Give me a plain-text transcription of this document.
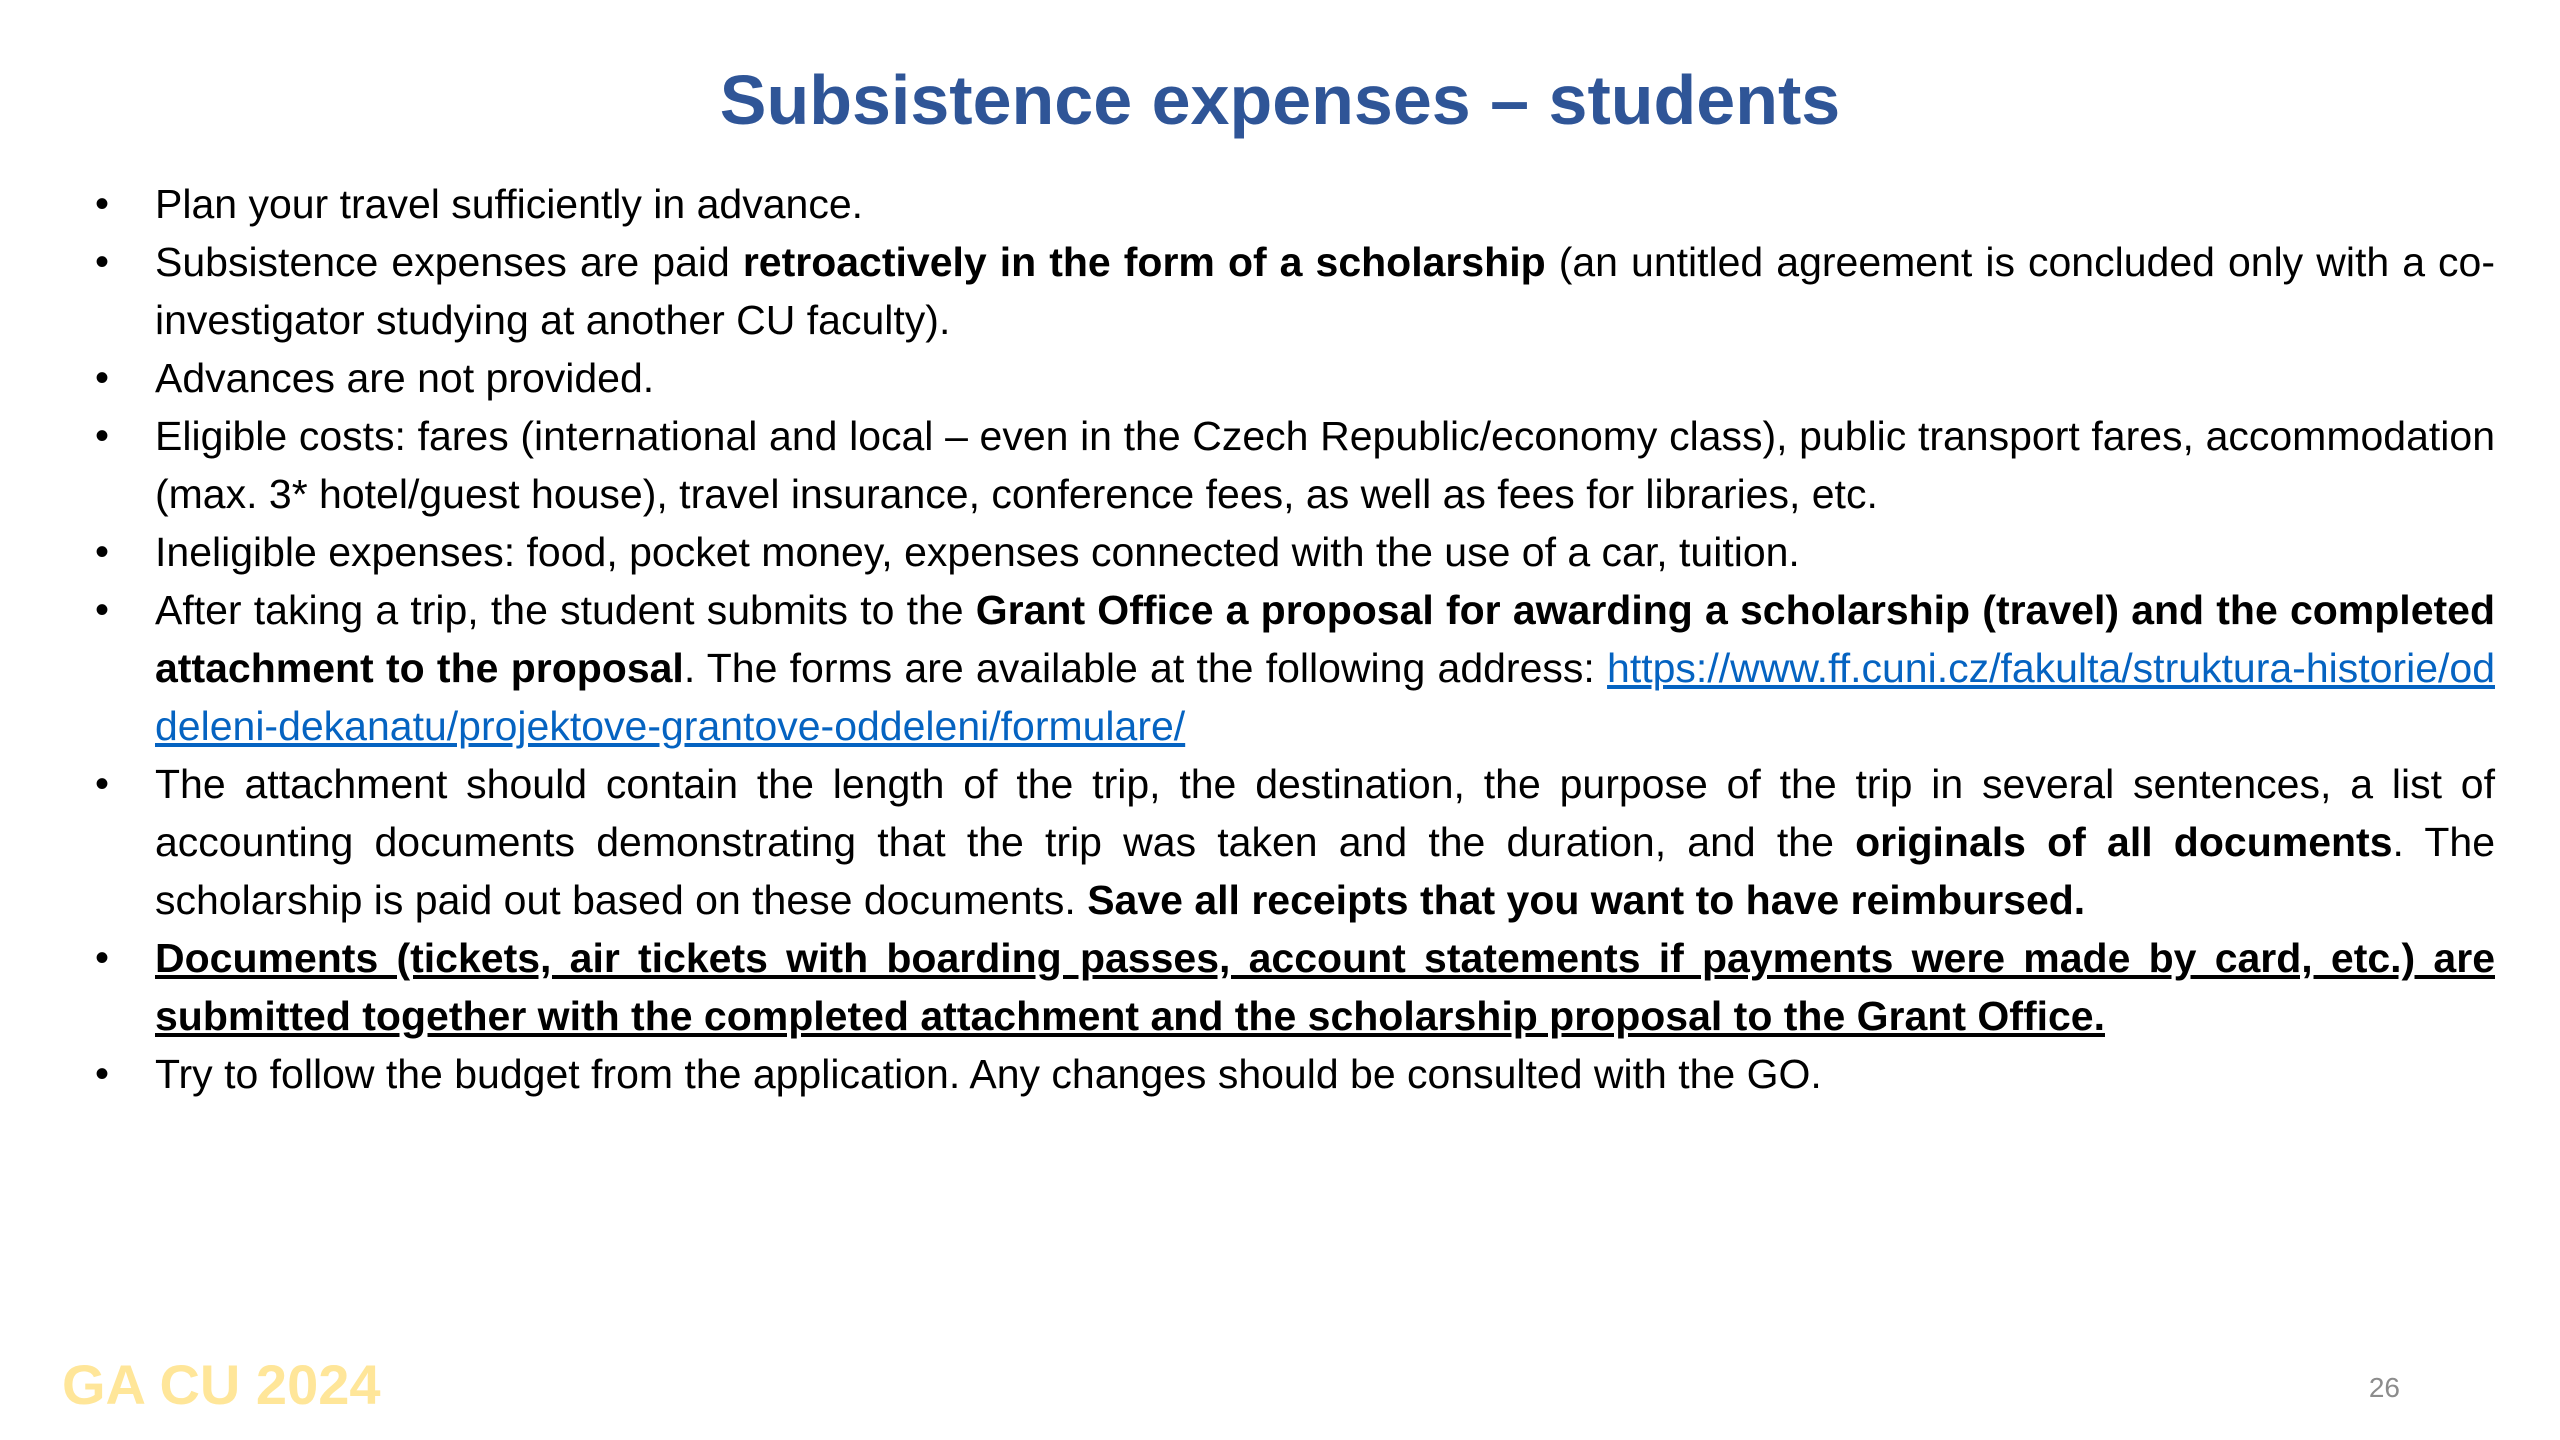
Subsistence expenses – students
• Plan your travel sufficiently in advance.
• Subsistence expenses are paid retroactively in the form of a scholarship (an untitled agreement is concluded only with a co-investigator studying at another CU faculty).
• Advances are not provided.
• Eligible costs: fares (international and local – even in the Czech Republic/economy class), public transport fares, accommodation (max. 3* hotel/guest house), travel insurance, conference fees, as well as fees for libraries, etc.
• Ineligible expenses: food, pocket money, expenses connected with the use of a car, tuition.
• After taking a trip, the student submits to the Grant Office a proposal for awarding a scholarship (travel) and the completed attachment to the proposal. The forms are available at the following address: https://www.ff.cuni.cz/fakulta/struktura-historie/oddeleni-dekanatu/projektove-grantove-oddeleni/formulare/
• The attachment should contain the length of the trip, the destination, the purpose of the trip in several sentences, a list of accounting documents demonstrating that the trip was taken and the duration, and the originals of all documents. The scholarship is paid out based on these documents. Save all receipts that you want to have reimbursed.
• Documents (tickets, air tickets with boarding passes, account statements if payments were made by card, etc.) are submitted together with the completed attachment and the scholarship proposal to the Grant Office.
• Try to follow the budget from the application. Any changes should be consulted with the GO.
GA CU 2024	26
